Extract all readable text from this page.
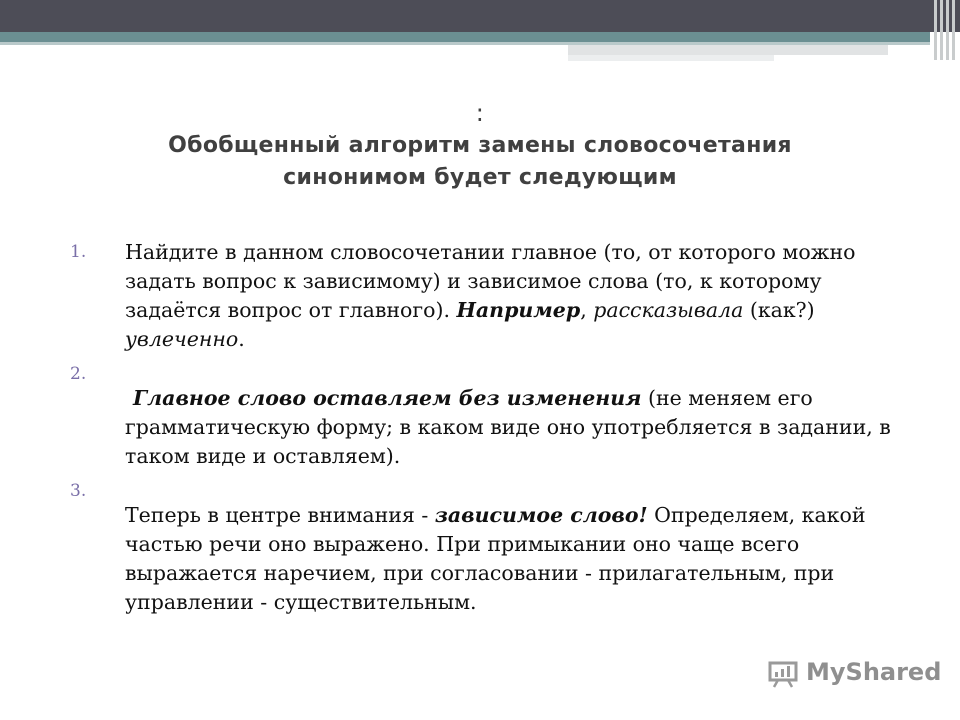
:
Обобщенный алгоритм замены словосочетания
синонимом будет следующим
1. Найдите в данном словосочетании главное (то, от которого можно задать вопрос к зависимому) и зависимое слова (то, к которому задаётся вопрос от главного). Например, рассказывала (как?) увлеченно.
2.
Главное слово оставляем без изменения (не меняем его грамматическую форму; в каком виде оно употребляется в задании, в таком виде и оставляем).
3.
Теперь в центре внимания - зависимое слово! Определяем, какой частью речи оно выражено. При примыкании оно чаще всего выражается наречием, при согласовании - прилагательным, при управлении - существительным.
MyShared
